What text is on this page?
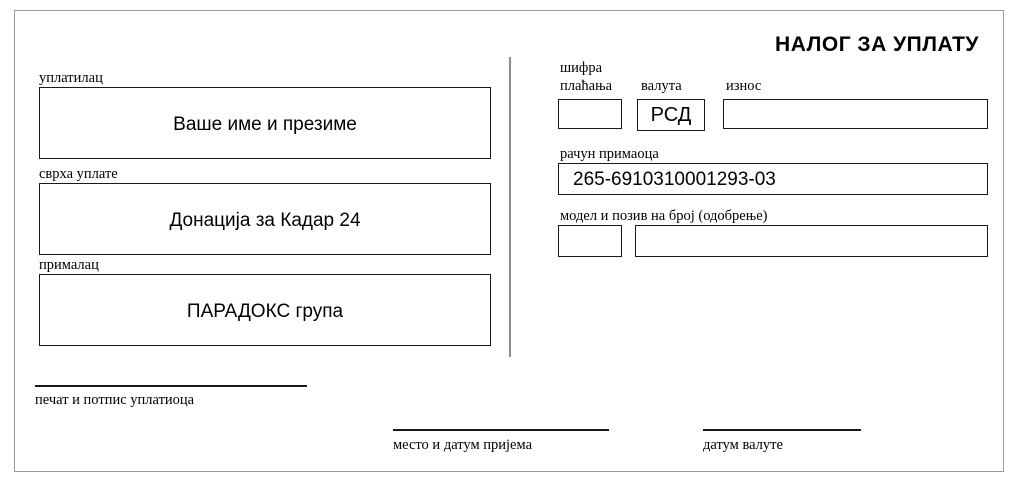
НАЛОГ ЗА УПЛАТУ
уплатилац
Ваше име и презиме
сврха уплате
Донација за Кадар 24
прималац
ПАРАДОКС група
шифра
плаћања валута
РСД
износ
рачун примаоца
265-6910310001293-03
модел и позив на број (одобрење)
печат и потпис уплатиоца
место и датум пријема	датум валуте
